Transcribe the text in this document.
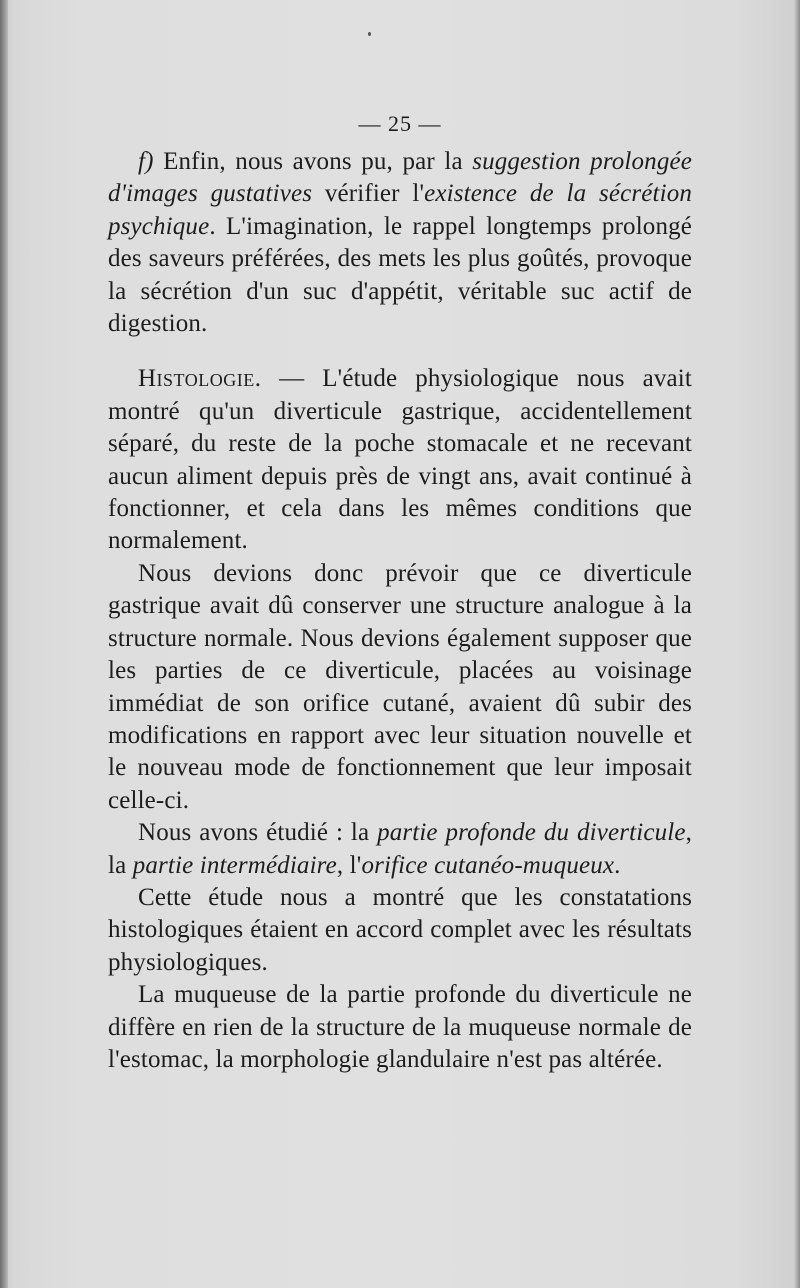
— 25 —

f) Enfin, nous avons pu, par la suggestion prolongée d'images gustatives vérifier l'existence de la sécrétion psychique. L'imagination, le rappel longtemps prolongé des saveurs préférées, des mets les plus goûtés, provoque la sécrétion d'un suc d'appétit, véritable suc actif de digestion.

Histologie. — L'étude physiologique nous avait montré qu'un diverticule gastrique, accidentellement séparé, du reste de la poche stomacale et ne recevant aucun aliment depuis près de vingt ans, avait continué à fonctionner, et cela dans les mêmes conditions que normalement.

Nous devions donc prévoir que ce diverticule gastrique avait dû conserver une structure analogue à la structure normale. Nous devions également supposer que les parties de ce diverticule, placées au voisinage immédiat de son orifice cutané, avaient dû subir des modifications en rapport avec leur situation nouvelle et le nouveau mode de fonctionnement que leur imposait celle-ci.

Nous avons étudié : la partie profonde du diverticule, la partie intermédiaire, l'orifice cutanéo-muqueux.

Cette étude nous a montré que les constatations histologiques étaient en accord complet avec les résultats physiologiques.

La muqueuse de la partie profonde du diverticule ne diffère en rien de la structure de la muqueuse normale de l'estomac, la morphologie glandulaire n'est pas altérée.
